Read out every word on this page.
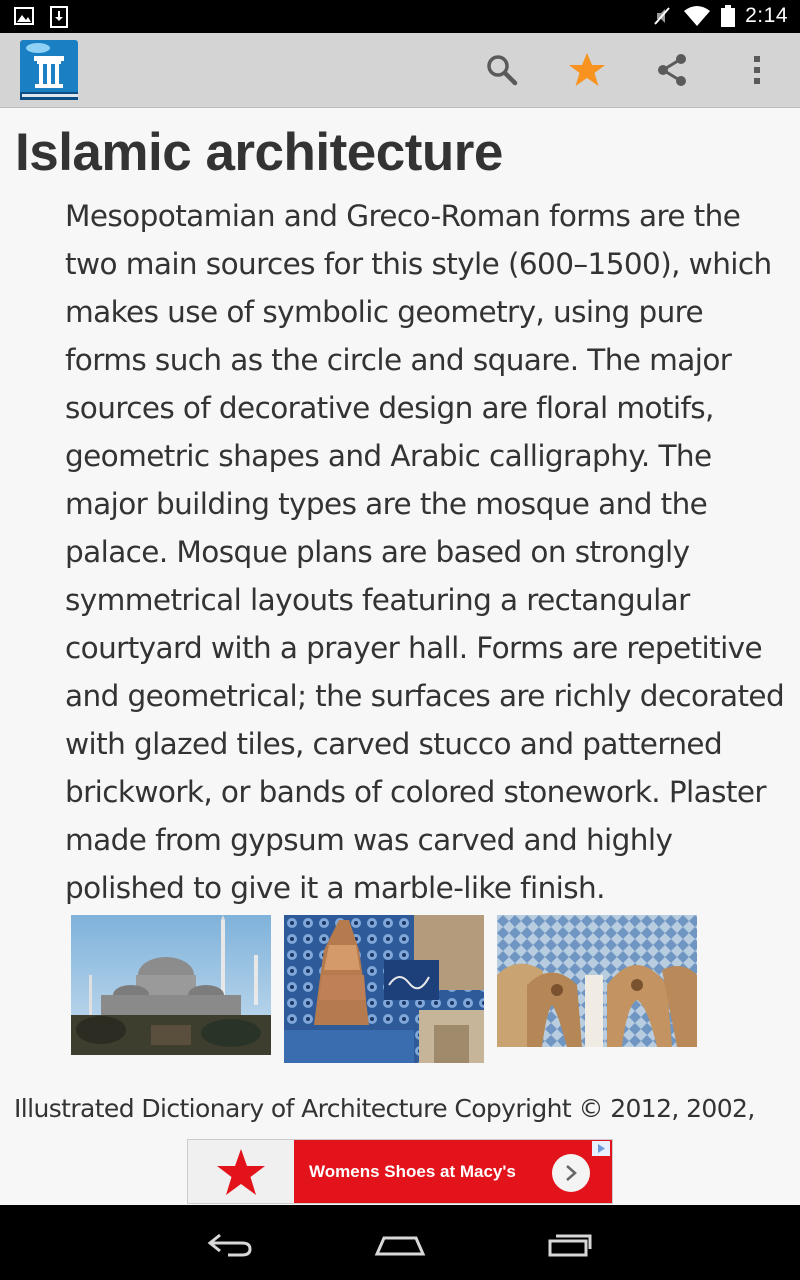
2:14
Islamic architecture

Mesopotamian and Greco-Roman forms are the two main sources for this style (600–1500), which makes use of symbolic geometry, using pure forms such as the circle and square. The major sources of decorative design are floral motifs, geometric shapes and Arabic calligraphy. The major building types are the mosque and the palace. Mosque plans are based on strongly symmetrical layouts featuring a rectangular courtyard with a prayer hall. Forms are repetitive and geometrical; the surfaces are richly decorated with glazed tiles, carved stucco and patterned brickwork, or bands of colored stonework. Plaster made from gypsum was carved and highly polished to give it a marble-like finish.

Illustrated Dictionary of Architecture Copyright © 2012, 2002,

Womens Shoes at Macy's
